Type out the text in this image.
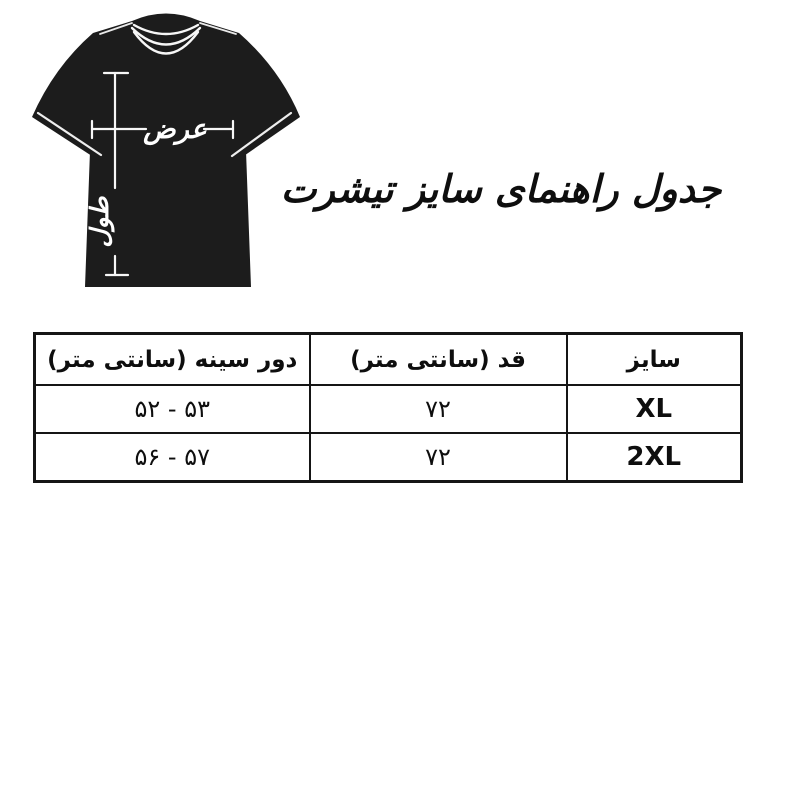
عرض
طول
جدول راهنمای سایز تیشرت
سایز	قد (سانتی متر)	دور سینه (سانتی متر)
XL	۷۲	۵۳ - ۵۲
2XL	۷۲	۵۷ - ۵۶
